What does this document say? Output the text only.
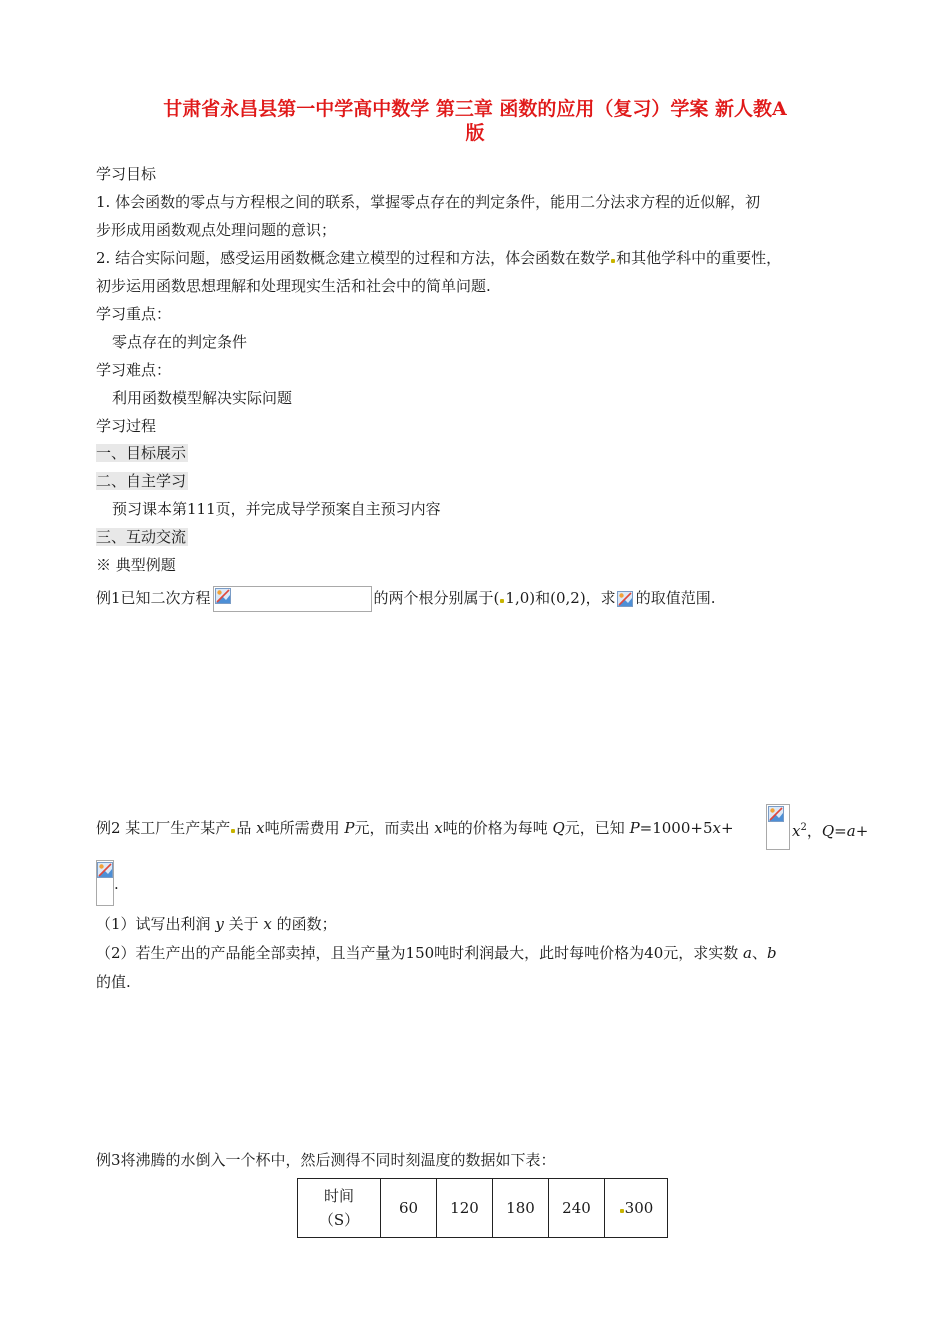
甘肃省永昌县第一中学高中数学 第三章 函数的应用（复习）学案 新人教A
版
学习目标
1. 体会函数的零点与方程根之间的联系，掌握零点存在的判定条件，能用二分法求方程的近似解，初
步形成用函数观点处理问题的意识；
2. 结合实际问题，感受运用函数概念建立模型的过程和方法，体会函数在数学 和其他学科中的重要性，
初步运用函数思想理解和处理现实生活和社会中的简单问题.
学习重点：
零点存在的判定条件
学习难点：
利用函数模型解决实际问题
学习过程
一、目标展示
二、自主学习
预习课本第111页，并完成导学预案自主预习内容
三、互动交流
※ 典型例题
例1已知二次方程	的两个根分别属于( 1,0)和(0,2)，求 的取值范围.
例2 某工厂生产某产 品 x吨所需费用 P元，而卖出 x吨的价格为每吨 Q元，已知 P=1000+5x+	$x^2$，Q=a+
.
（1）试写出利润 y 关于 x 的函数；
（2）若生产出的产品能全部卖掉，且当产量为150吨时利润最大，此时每吨价格为40元，求实数 a、b
的值.
例3将沸腾的水倒入一个杯中，然后测得不同时刻温度的数据如下表：
时间
（S）
	60	120	180	240	300
